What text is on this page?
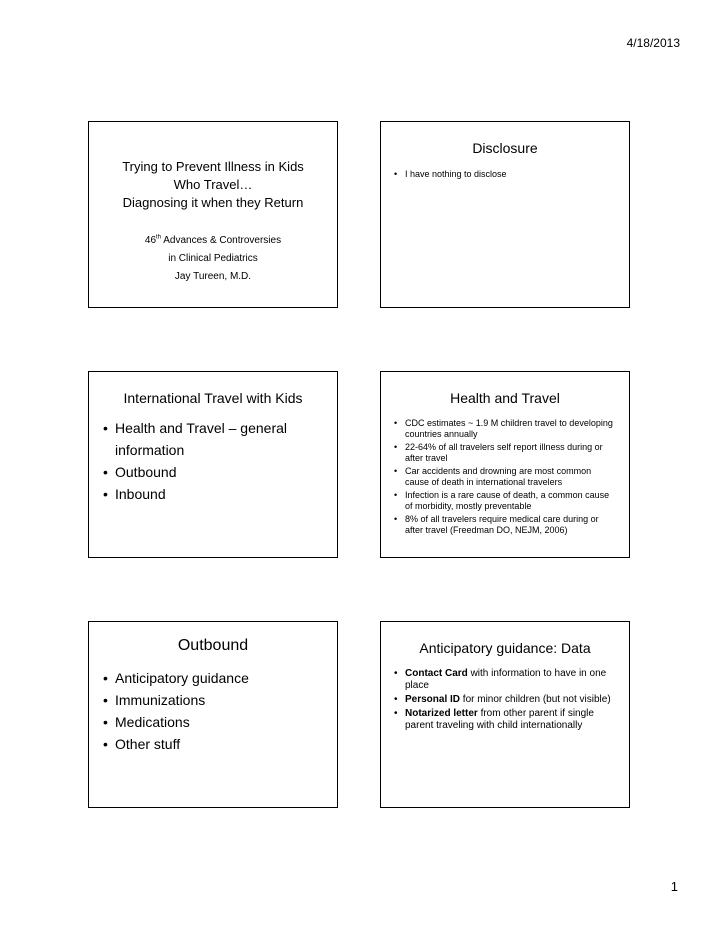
4/18/2013
Trying to Prevent Illness in Kids
Who Travel…
Diagnosing it when they Return
46th Advances & Controversies
in Clinical Pediatrics
Jay Tureen, M.D.
Disclosure
• I have nothing to disclose
International Travel with Kids
• Health and Travel – general information
• Outbound
• Inbound
Health and Travel
• CDC estimates ~ 1.9 M children travel to developing countries annually
• 22-64% of all travelers self report illness during or after travel
• Car accidents and drowning are most common cause of death in international travelers
• Infection is a rare cause of death, a common cause of morbidity, mostly preventable
• 8% of all travelers require medical care during or after travel (Freedman DO, NEJM, 2006)
Outbound
• Anticipatory guidance
• Immunizations
• Medications
• Other stuff
Anticipatory guidance: Data
• Contact Card with information to have in one place
• Personal ID for minor children (but not visible)
• Notarized letter from other parent if single parent traveling with child internationally
1
